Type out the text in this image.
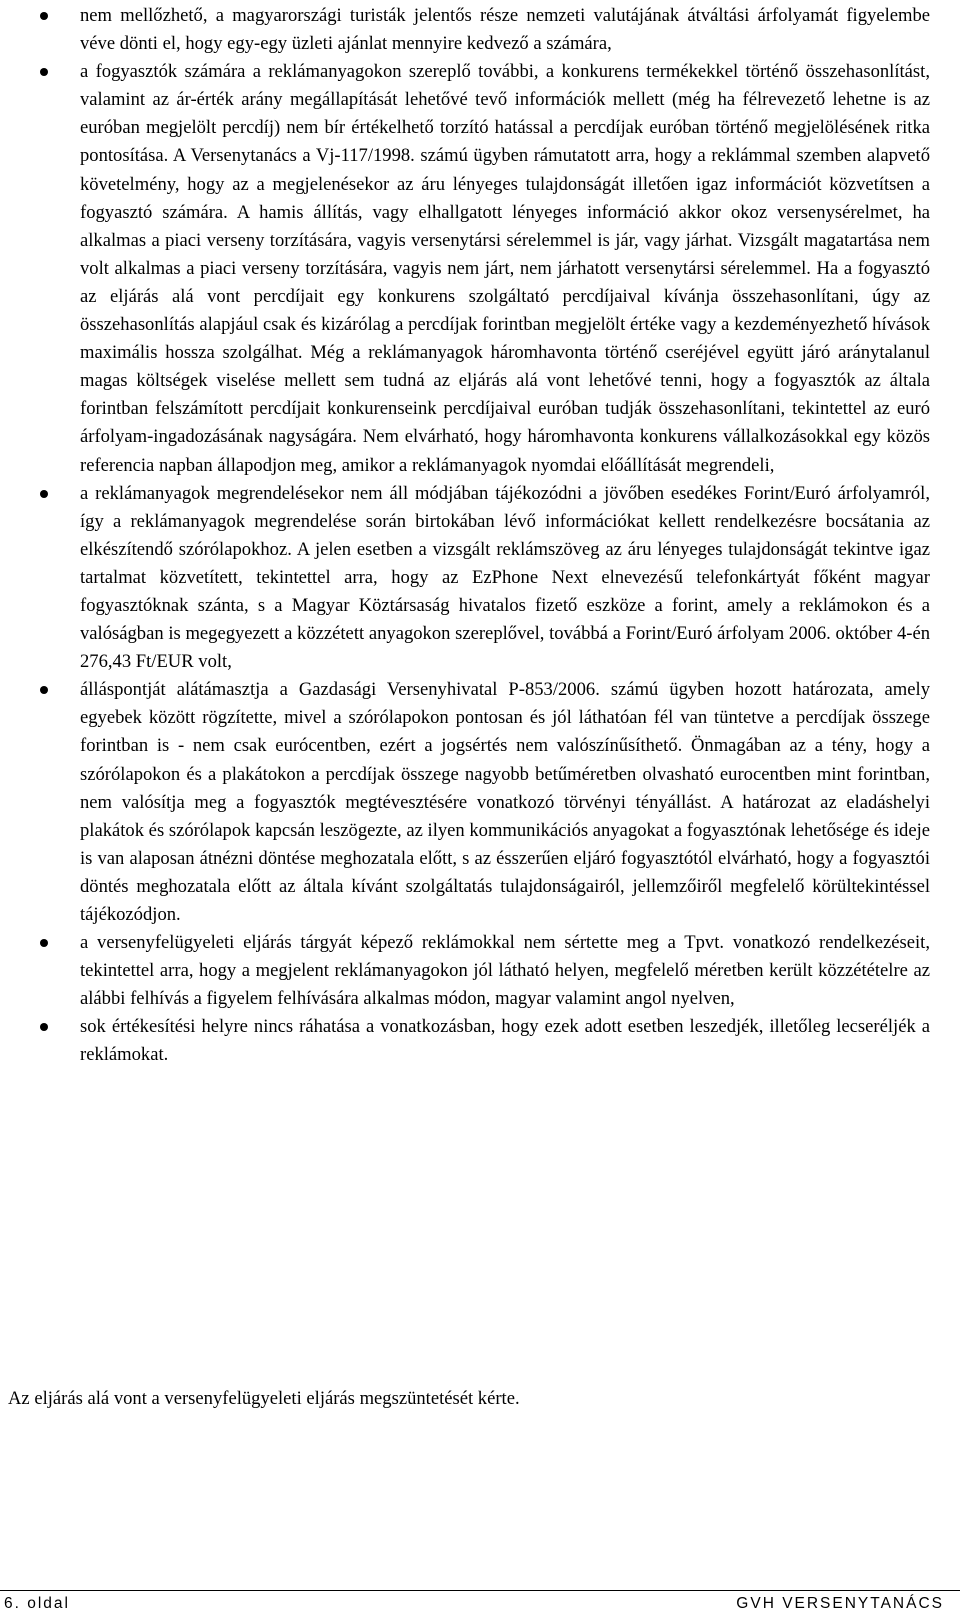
nem mellőzhető, a magyarországi turisták jelentős része nemzeti valutájának átváltási árfolyamát figyelembe véve dönti el, hogy egy-egy üzleti ajánlat mennyire kedvező a számára,
a fogyasztók számára a reklámanyagokon szereplő további, a konkurens termékekkel történő összehasonlítást, valamint az ár-érték arány megállapítását lehetővé tevő információk mellett (még ha félrevezető lehetne is az euróban megjelölt percdíj) nem bír értékelhető torzító hatással a percdíjak euróban történő megjelölésének ritka pontosítása. A Versenytanács a Vj-117/1998. számú ügyben rámutatott arra, hogy a reklámmal szemben alapvető követelmény, hogy az a megjelenésekor az áru lényeges tulajdonságát illetően igaz információt közvetítsen a fogyasztó számára. A hamis állítás, vagy elhallgatott lényeges információ akkor okoz versenysérelmet, ha alkalmas a piaci verseny torzítására, vagyis versenytársi sérelemmel is jár, vagy járhat. Vizsgált magatartása nem volt alkalmas a piaci verseny torzítására, vagyis nem járt, nem járhatott versenytársi sérelemmel. Ha a fogyasztó az eljárás alá vont percdíjait egy konkurens szolgáltató percdíjaival kívánja összehasonlítani, úgy az összehasonlítás alapjául csak és kizárólag a percdíjak forintban megjelölt értéke vagy a kezdeményezhető hívások maximális hossza szolgálhat. Még a reklámanyagok háromhavonta történő cseréjével együtt járó aránytalanul magas költségek viselése mellett sem tudná az eljárás alá vont lehetővé tenni, hogy a fogyasztók az általa forintban felszámított percdíjait konkurenseink percdíjaival euróban tudják összehasonlítani, tekintettel az euró árfolyam-ingadozásának nagyságára. Nem elvárható, hogy háromhavonta konkurens vállalkozásokkal egy közös referencia napban állapodjon meg, amikor a reklámanyagok nyomdai előállítását megrendeli,
a reklámanyagok megrendelésekor nem áll módjában tájékozódni a jövőben esedékes Forint/Euró árfolyamról, így a reklámanyagok megrendelése során birtokában lévő információkat kellett rendelkezésre bocsátania az elkészítendő szórólapokhoz. A jelen esetben a vizsgált reklámszöveg az áru lényeges tulajdonságát tekintve igaz tartalmat közvetített, tekintettel arra, hogy az EzPhone Next elnevezésű telefonkártyát főként magyar fogyasztóknak szánta, s a Magyar Köztársaság hivatalos fizető eszköze a forint, amely a reklámokon és a valóságban is megegyezett a közzétett anyagokon szereplővel, továbbá a Forint/Euró árfolyam 2006. október 4-én 276,43 Ft/EUR volt,
álláspontját alátámasztja a Gazdasági Versenyhivatal P-853/2006. számú ügyben hozott határozata, amely egyebek között rögzítette, mivel a szórólapokon pontosan és jól láthatóan fél van tüntetve a percdíjak összege forintban is - nem csak eurócentben, ezért a jogsértés nem valószínűsíthető. Önmagában az a tény, hogy a szórólapokon és a plakátokon a percdíjak összege nagyobb betűméretben olvasható eurocentben mint forintban, nem valósítja meg a fogyasztók megtévesztésére vonatkozó törvényi tényállást. A határozat az eladáshelyi plakátok és szórólapok kapcsán leszögezte, az ilyen kommunikációs anyagokat a fogyasztónak lehetősége és ideje is van alaposan átnézni döntése meghozatala előtt, s az ésszerűen eljáró fogyasztótól elvárható, hogy a fogyasztói döntés meghozatala előtt az általa kívánt szolgáltatás tulajdonságairól, jellemzőiről megfelelő körültekintéssel tájékozódjon.
a versenyfelügyeleti eljárás tárgyát képező reklámokkal nem sértette meg a Tpvt. vonatkozó rendelkezéseit, tekintettel arra, hogy a megjelent reklámanyagokon jól látható helyen, megfelelő méretben került közzétételre az alábbi felhívás a figyelem felhívására alkalmas módon, magyar valamint angol nyelven,
sok értékesítési helyre nincs ráhatása a vonatkozásban, hogy ezek adott esetben leszedjék, illetőleg lecseréljék a reklámokat.
Az eljárás alá vont a versenyfelügyeleti eljárás megszüntetését kérte.
6. oldal	GVH VERSENYTANÁCS
